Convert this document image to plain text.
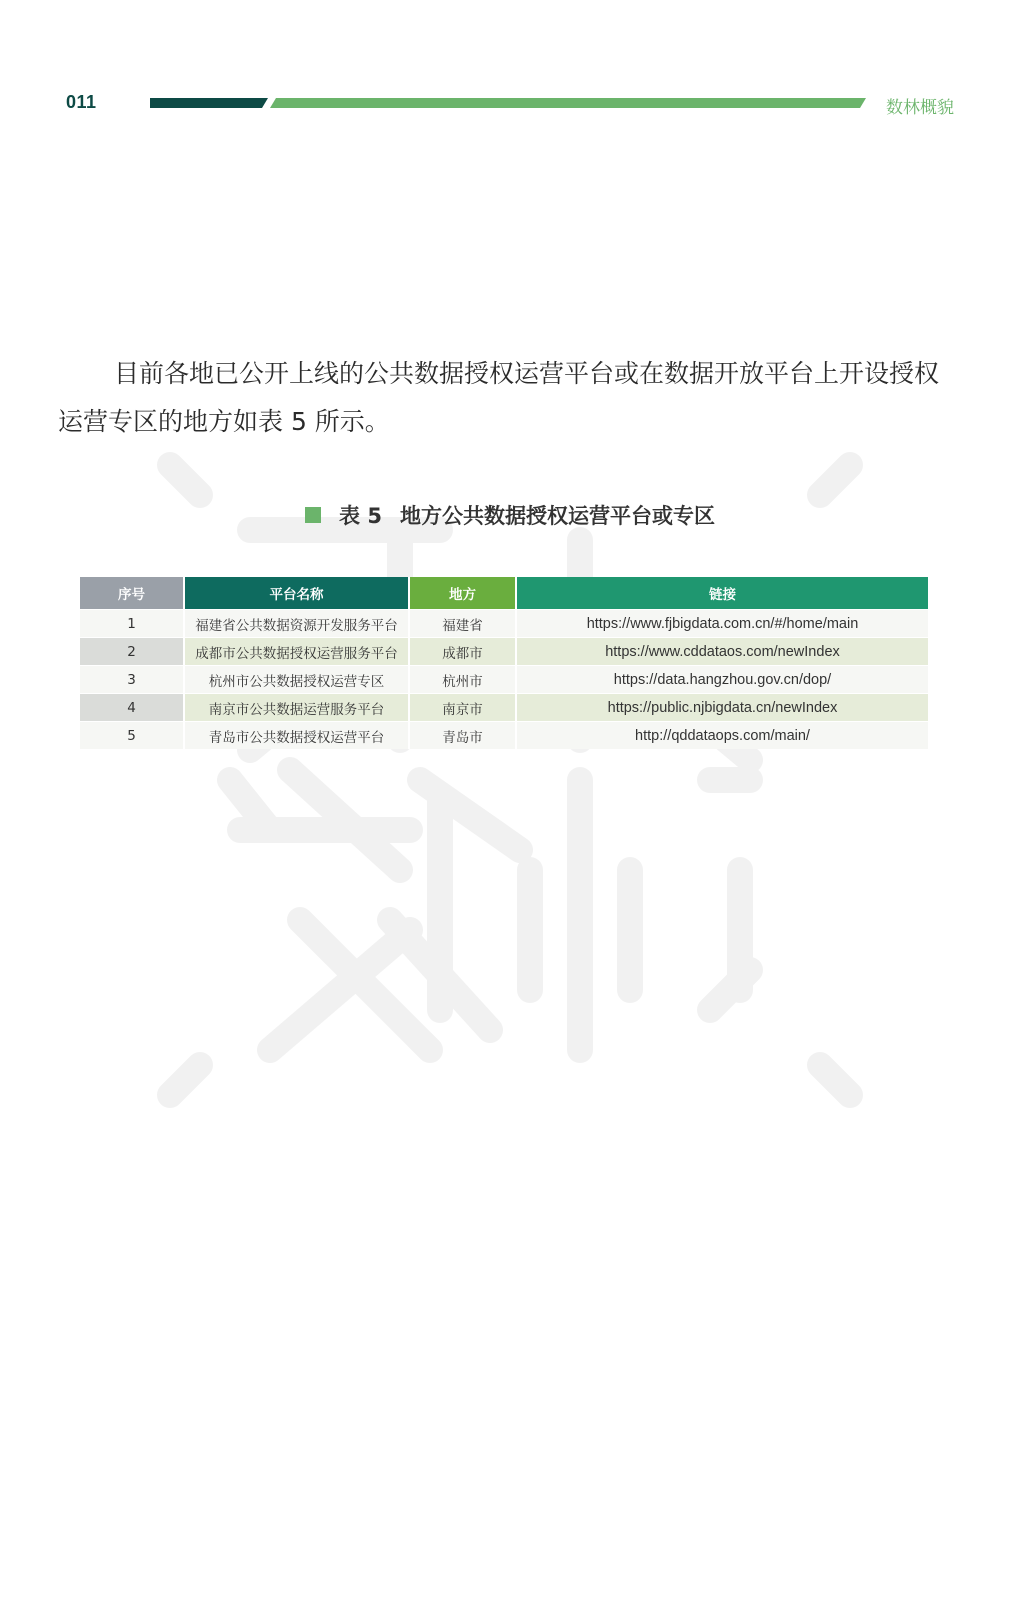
011	数林概貌
目前各地已公开上线的公共数据授权运营平台或在数据开放平台上开设授权运营专区的地方如表 5 所示。
表 5 地方公共数据授权运营平台或专区
序号	平台名称	地方	链接
1	福建省公共数据资源开发服务平台	福建省	https://www.fjbigdata.com.cn/#/home/main
2	成都市公共数据授权运营服务平台	成都市	https://www.cddataos.com/newIndex
3	杭州市公共数据授权运营专区	杭州市	https://data.hangzhou.gov.cn/dop/
4	南京市公共数据运营服务平台	南京市	https://public.njbigdata.cn/newIndex
5	青岛市公共数据授权运营平台	青岛市	http://qddataops.com/main/
